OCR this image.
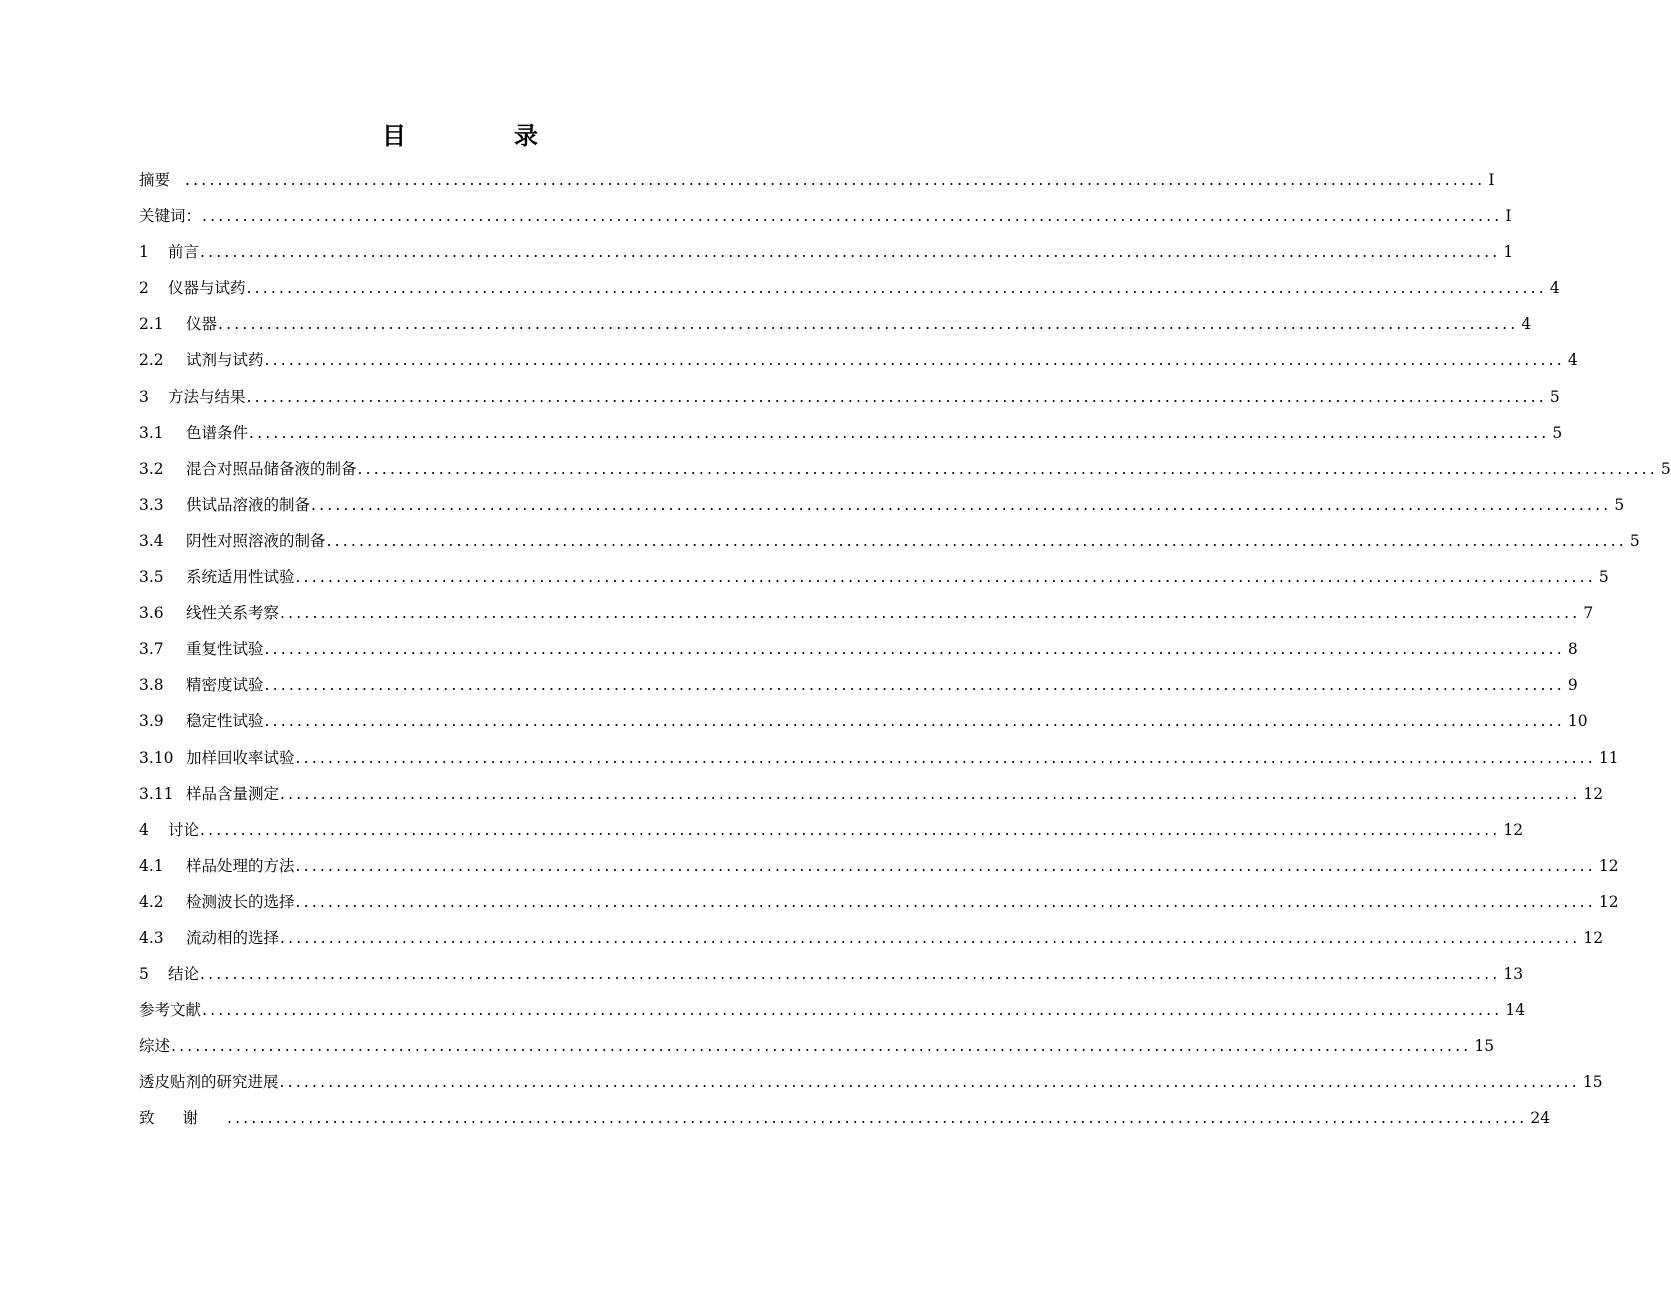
目　录
摘要 ................................................................................................................................................................ I
关键词： ................................................................................................................................................................ I
1	前言 ................................................................................................................................................................ 1
2	仪器与试药 ................................................................................................................................................................ 4
2.1	仪器 ................................................................................................................................................................ 4
2.2	试剂与试药 ................................................................................................................................................................ 4
3	方法与结果 ................................................................................................................................................................ 5
3.1	色谱条件 ................................................................................................................................................................ 5
3.2	混合对照品储备液的制备 ................................................................................................................................................................ 5
3.3	供试品溶液的制备 ................................................................................................................................................................ 5
3.4	阴性对照溶液的制备 ................................................................................................................................................................ 5
3.5	系统适用性试验 ................................................................................................................................................................ 5
3.6	线性关系考察 ................................................................................................................................................................ 7
3.7	重复性试验 ................................................................................................................................................................ 8
3.8	精密度试验 ................................................................................................................................................................ 9
3.9	稳定性试验 ................................................................................................................................................................ 10
3.10 加样回收率试验 ................................................................................................................................................................ 11
3.11 样品含量测定 ................................................................................................................................................................ 12
4	讨论 ................................................................................................................................................................ 12
4.1	样品处理的方法 ................................................................................................................................................................ 12
4.2	检测波长的选择 ................................................................................................................................................................ 12
4.3	流动相的选择 ................................................................................................................................................................ 12
5	结论 ................................................................................................................................................................ 13
参考文献 ................................................................................................................................................................ 14
综述 ................................................................................................................................................................ 15
透皮贴剂的研究进展 ................................................................................................................................................................ 15
致谢 ................................................................................................................................................................ 24
